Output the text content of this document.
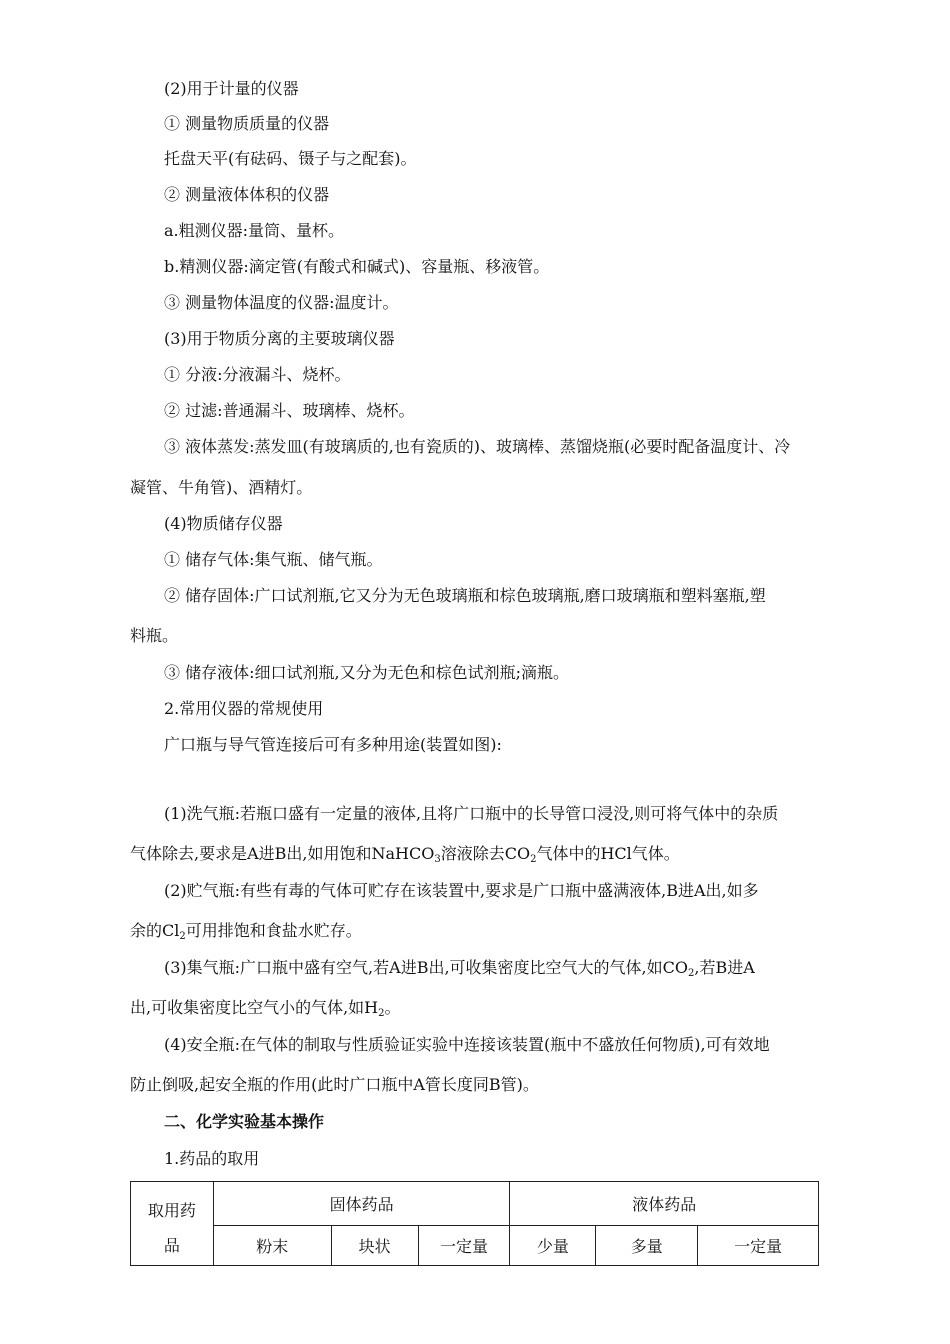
(2)用于计量的仪器
① 测量物质质量的仪器
托盘天平(有砝码、镊子与之配套)。
② 测量液体体积的仪器
a.粗测仪器:量筒、量杯。
b.精测仪器:滴定管(有酸式和碱式)、容量瓶、移液管。
③ 测量物体温度的仪器:温度计。
(3)用于物质分离的主要玻璃仪器
① 分液:分液漏斗、烧杯。
② 过滤:普通漏斗、玻璃棒、烧杯。
③ 液体蒸发:蒸发皿(有玻璃质的,也有瓷质的)、玻璃棒、蒸馏烧瓶(必要时配备温度计、冷
凝管、牛角管)、酒精灯。
(4)物质储存仪器
① 储存气体:集气瓶、储气瓶。
② 储存固体:广口试剂瓶,它又分为无色玻璃瓶和棕色玻璃瓶,磨口玻璃瓶和塑料塞瓶,塑
料瓶。
③ 储存液体:细口试剂瓶,又分为无色和棕色试剂瓶;滴瓶。
2.常用仪器的常规使用
广口瓶与导气管连接后可有多种用途(装置如图):
(1)洗气瓶:若瓶口盛有一定量的液体,且将广口瓶中的长导管口浸没,则可将气体中的杂质
气体除去,要求是A进B出,如用饱和NaHCO$_3$溶液除去$CO_2$气体中的HCl气体。
(2)贮气瓶:有些有毒的气体可贮存在该装置中,要求是广口瓶中盛满液体,B进A出,如多
余的$Cl_2$可用排饱和食盐水贮存。
(3)集气瓶:广口瓶中盛有空气,若A进B出,可收集密度比空气大的气体,如$CO_2$,若B进A
出,可收集密度比空气小的气体,如$H_2$。
(4)安全瓶:在气体的制取与性质验证实验中连接该装置(瓶中不盛放任何物质),可有效地
防止倒吸,起安全瓶的作用(此时广口瓶中A管长度同B管)。
二、化学实验基本操作
1.药品的取用
取用药	固体药品			液体药品		
品	粉末	块状	一定量	少量	多量	一定量
